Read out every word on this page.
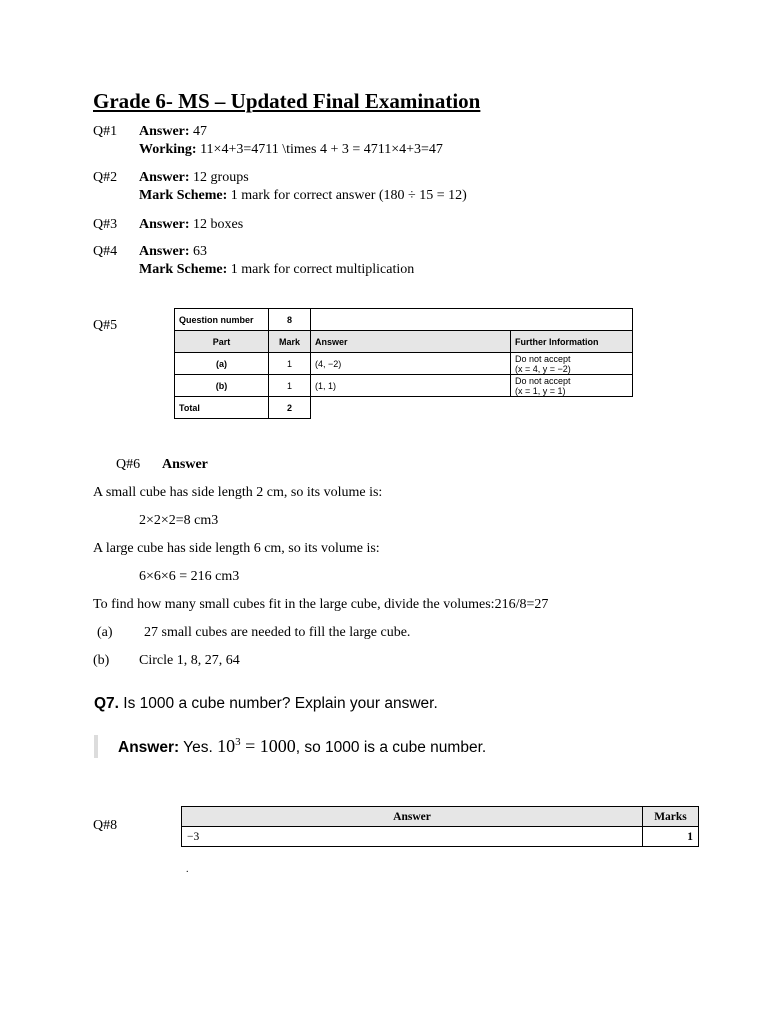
Grade 6- MS – Updated Final Examination
Q#1 Answer: 47
Working: 11×4+3=4711 \times 4 + 3 = 4711×4+3=47
Q#2 Answer: 12 groups
Mark Scheme: 1 mark for correct answer (180 ÷ 15 = 12)
Q#3 Answer: 12 boxes
Q#4 Answer: 63
Mark Scheme: 1 mark for correct multiplication
Q#5	Question number	8		
Part	Mark	Answer	Further Information
(a)	1	(4, −2)	Do not accept
(x = 4, y = −2)

(b)	1	(1, 1)	Do not accept
(x = 1, y = 1)

Total	2		
Q#6 Answer
A small cube has side length 2 cm, so its volume is:
2×2×2=8 cm3
A large cube has side length 6 cm, so its volume is:
6×6×6 = 216 cm3
To find how many small cubes fit in the large cube, divide the volumes:216/8=27
(a) 27 small cubes are needed to fill the large cube.
(b) Circle 1, 8, 27, 64
Q7. Is 1000 a cube number? Explain your answer.
Answer: Yes. $10^3 = 1000$, so 1000 is a cube number.
Q#8
Answer	Marks
−3	1
.
